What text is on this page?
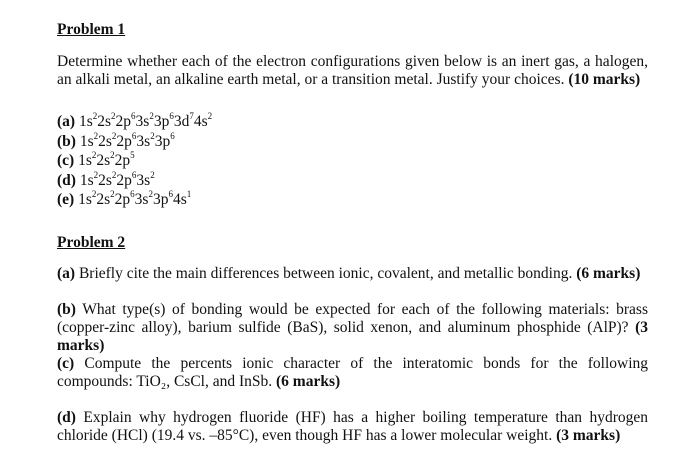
Problem 1

Determine whether each of the electron configurations given below is an inert gas, a halogen, an alkali metal, an alkaline earth metal, or a transition metal. Justify your choices. (10 marks)

(a) $1s^22s^22p^63s^23p^63d^74s^2$
(b) $1s^22s^22p^63s^23p^6$
(c) $1s^22s^22p^5$
(d) $1s^22s^22p^63s^2$
(e) $1s^22s^22p^63s^23p^64s^1$
Problem 2

(a) Briefly cite the main differences between ionic, covalent, and metallic bonding. (6 marks)

(b) What type(s) of bonding would be expected for each of the following materials: brass (copper-zinc alloy), barium sulfide (BaS), solid xenon, and aluminum phosphide (AlP)? (3 marks)

(c) Compute the percents ionic character of the interatomic bonds for the following compounds: TiO₂, CsCl, and InSb. (6 marks)

(d) Explain why hydrogen fluoride (HF) has a higher boiling temperature than hydrogen chloride (HCl) (19.4 vs. –85°C), even though HF has a lower molecular weight. (3 marks)
